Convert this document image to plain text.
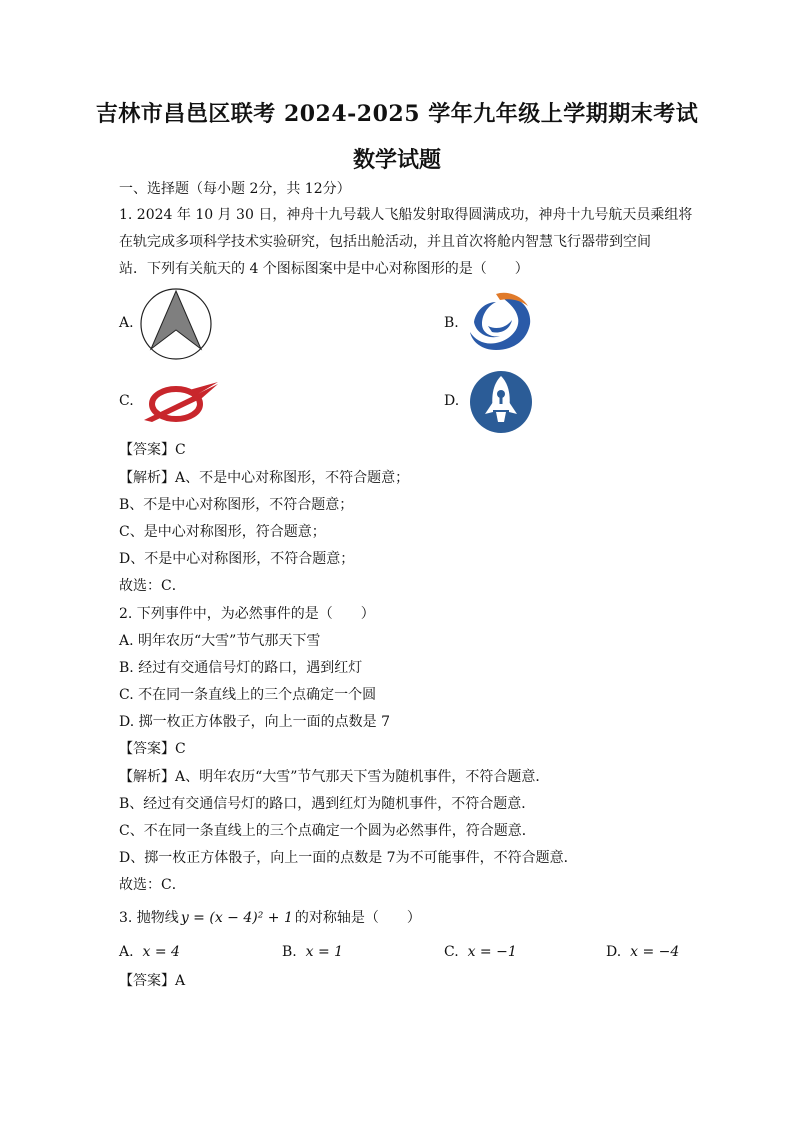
吉林市昌邑区联考 2024-2025 学年九年级上学期期末考试
数学试题
一、选择题（每小题 2分，共 12分）
1. 2024 年 10 月 30 日，神舟十九号载人飞船发射取得圆满成功，神舟十九号航天员乘组将
在轨完成多项科学技术实验研究，包括出舱活动，并且首次将舱内智慧飞行器带到空间
站．下列有关航天的 4 个图标图案中是中心对称图形的是（　　）
A.	B.
C.	D.
【答案】C
【解析】A、不是中心对称图形，不符合题意；
B、不是中心对称图形，不符合题意；
C、是中心对称图形，符合题意；
D、不是中心对称图形，不符合题意；
故选：C．
2. 下列事件中，为必然事件的是（　　）
A. 明年农历“大雪”节气那天下雪
B. 经过有交通信号灯的路口，遇到红灯
C. 不在同一条直线上的三个点确定一个圆
D. 掷一枚正方体骰子，向上一面的点数是 7
【答案】C
【解析】A、明年农历“大雪”节气那天下雪为随机事件，不符合题意．
B、经过有交通信号灯的路口，遇到红灯为随机事件，不符合题意．
C、不在同一条直线上的三个点确定一个圆为必然事件，符合题意．
D、掷一枚正方体骰子，向上一面的点数是 7为不可能事件，不符合题意．
故选：C．
3. 抛物线 y = (x − 4)² + 1 的对称轴是（　　）
A. x = 4	B. x = 1	C. x = −1	D. x = −4
【答案】A
